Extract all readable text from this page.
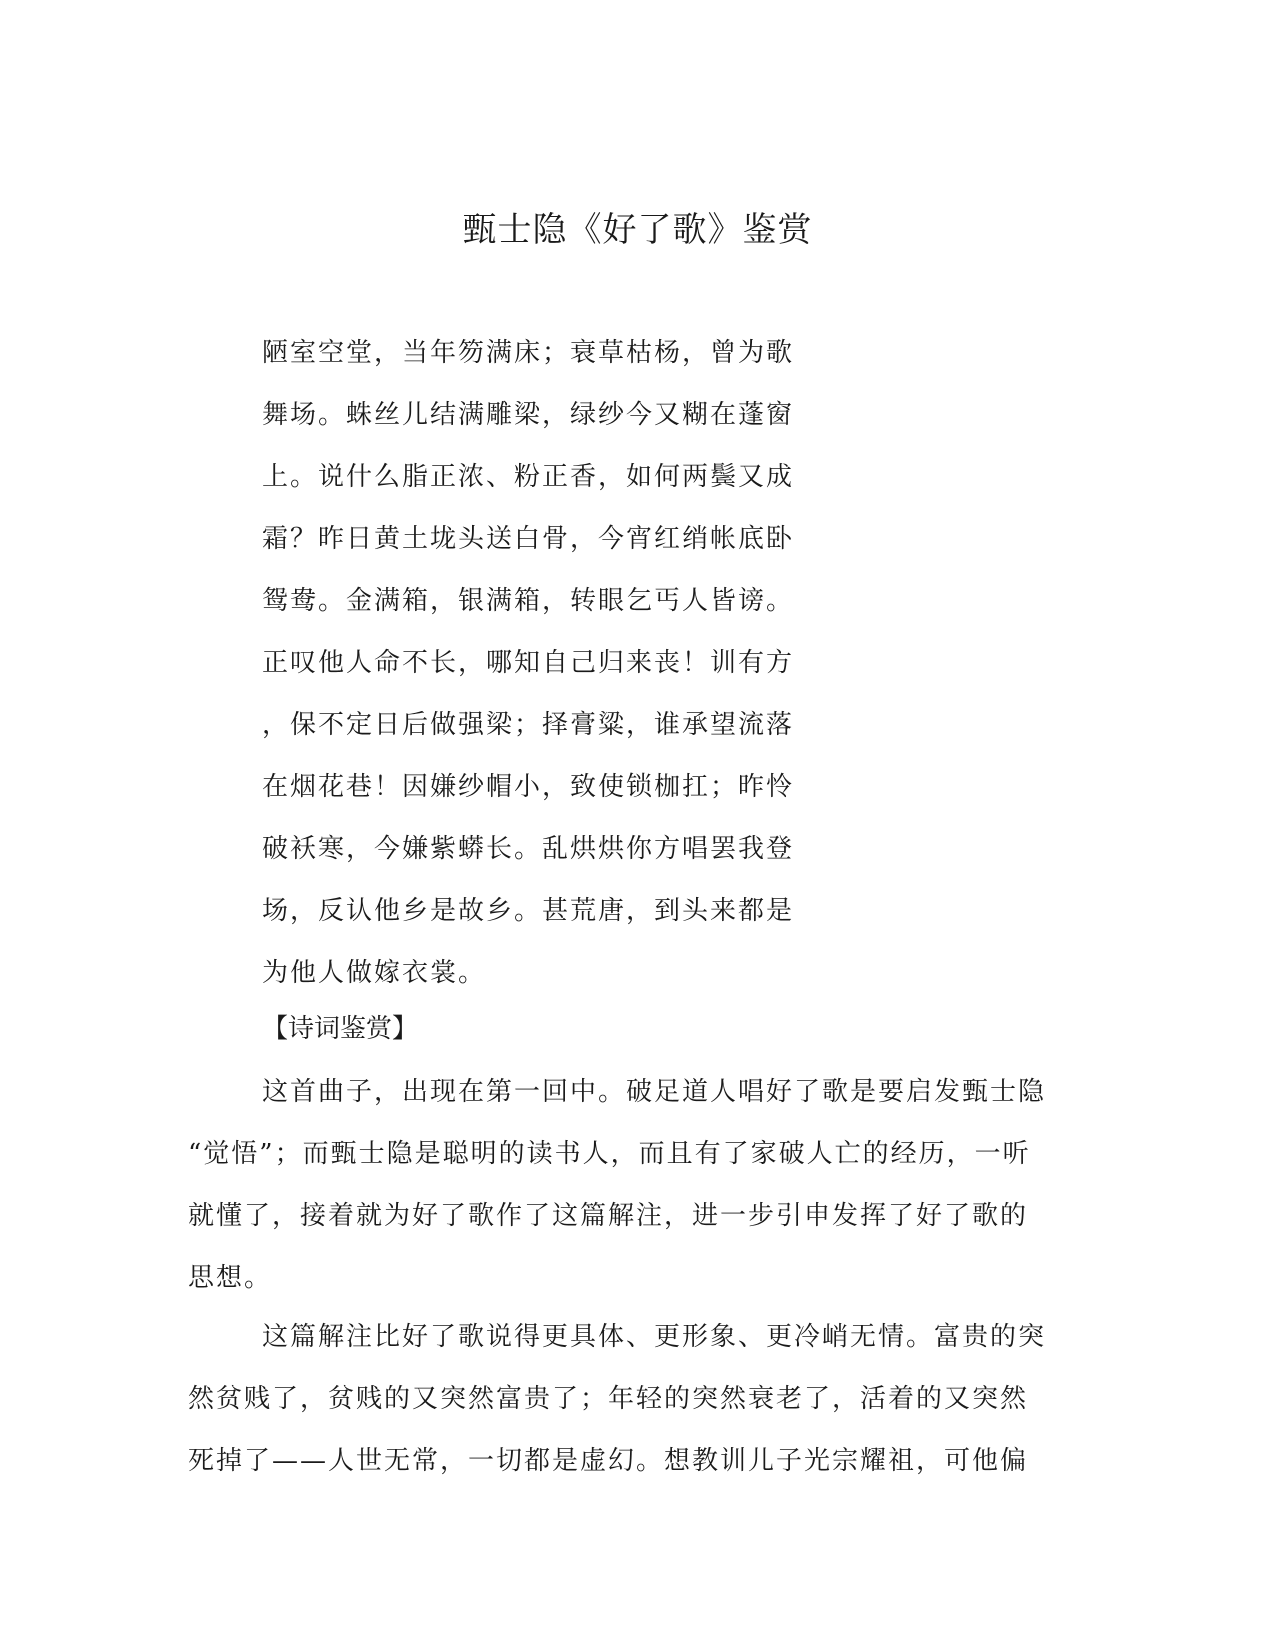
甄士隐《好了歌》鉴赏
陋室空堂，当年笏满床；衰草枯杨，曾为歌
舞场。蛛丝儿结满雕梁，绿纱今又糊在蓬窗
上。说什么脂正浓、粉正香，如何两鬓又成
霜？昨日黄土垅头送白骨，今宵红绡帐底卧
鸳鸯。金满箱，银满箱，转眼乞丐人皆谤。
正叹他人命不长，哪知自己归来丧！训有方
，保不定日后做强梁；择膏粱，谁承望流落
在烟花巷！因嫌纱帽小，致使锁枷扛；昨怜
破袄寒，今嫌紫蟒长。乱烘烘你方唱罢我登
场，反认他乡是故乡。甚荒唐，到头来都是
为他人做嫁衣裳。
【诗词鉴赏】
这首曲子，出现在第一回中。破足道人唱好了歌是要启发甄士隐
“觉悟”；而甄士隐是聪明的读书人，而且有了家破人亡的经历，一听
就懂了，接着就为好了歌作了这篇解注，进一步引申发挥了好了歌的
思想。
这篇解注比好了歌说得更具体、更形象、更冷峭无情。富贵的突
然贫贱了，贫贱的又突然富贵了；年轻的突然衰老了，活着的又突然
死掉了——人世无常，一切都是虚幻。想教训儿子光宗耀祖，可他偏
